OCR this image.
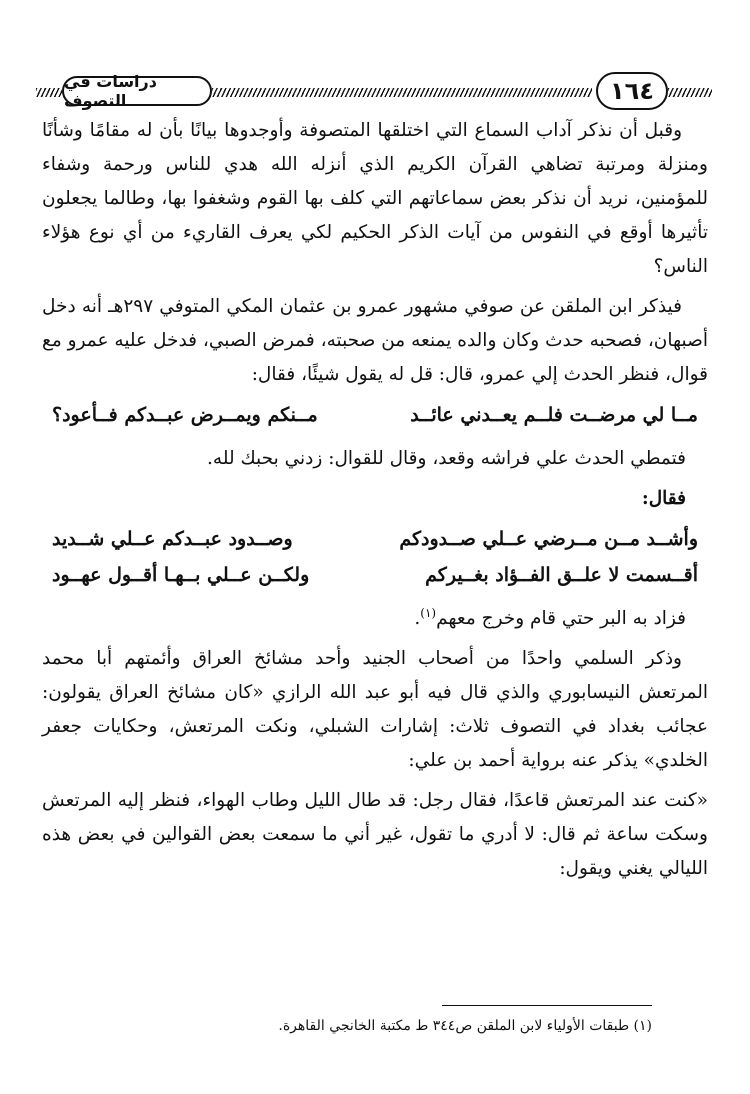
دراسات في التصوف	١٦٤

وقبل أن نذكر آداب السماع التي اختلقها المتصوفة وأوجدوها بيانًا بأن له مقامًا وشأنًا ومنزلة ومرتبة تضاهي القرآن الكريم الذي أنزله الله هدي للناس ورحمة وشفاء للمؤمنين، نريد أن نذكر بعض سماعاتهم التي كلف بها القوم وشغفوا بها، وطالما يجعلون تأثيرها أوقع في النفوس من آيات الذكر الحكيم لكي يعرف القاريء من أي نوع هؤلاء الناس؟

فيذكر ابن الملقن عن صوفي مشهور عمرو بن عثمان المكي المتوفي ٢٩٧هـ أنه دخل أصبهان، فصحبه حدث وكان والده يمنعه من صحبته، فمرض الصبي، فدخل عليه عمرو مع قوال، فنظر الحدث إلي عمرو، قال: قل له يقول شيئًا، فقال:

مــا لي مرضــت فلــم يعــدني عائــد
مــنكم ويمــرض عبــدكم فــأعود؟

فتمطي الحدث علي فراشه وقعد، وقال للقوال: زدني بحبك لله.

فقال:

وأشــد مــن مــرضي عــلي صــدودكم
وصــدود عبــدكم عــلي شــديد
أقــسمت لا علــق الفــؤاد بغــيركم
ولكــن عــلي بــهـا أقــول عهــود

فزاد به البر حتي قام وخرج معهم$^{(١)}$.

وذكر السلمي واحدًا من أصحاب الجنيد وأحد مشائخ العراق وأئمتهم أبا محمد المرتعش النيسابوري والذي قال فيه أبو عبد الله الرازي «كان مشائخ العراق يقولون: عجائب بغداد في التصوف ثلاث: إشارات الشبلي، ونكت المرتعش، وحكايات جعفر الخلدي» يذكر عنه برواية أحمد بن علي:

«كنت عند المرتعش قاعدًا، فقال رجل: قد طال الليل وطاب الهواء، فنظر إليه المرتعش وسكت ساعة ثم قال: لا أدري ما تقول، غير أني ما سمعت بعض القوالين في بعض هذه الليالي يغني ويقول:

(١) طبقات الأولياء لابن الملقن ص٣٤٤ ط مكتبة الخانجي القاهرة.
